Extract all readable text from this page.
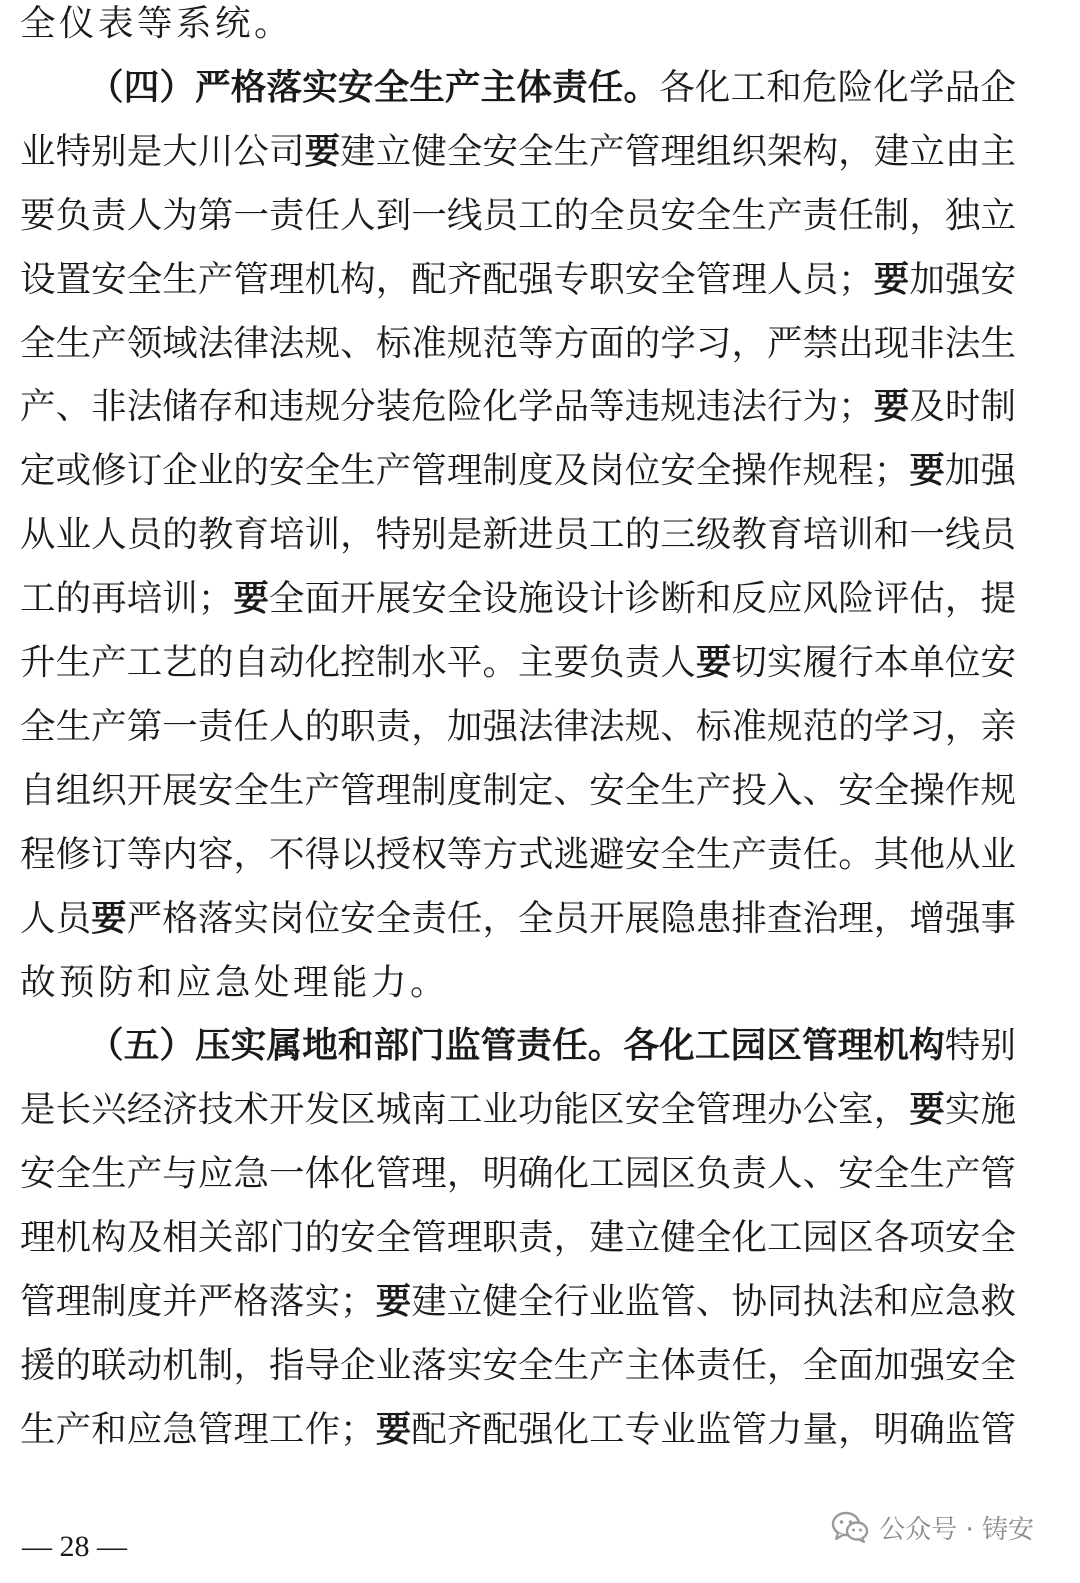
全仪表等系统。
（四）严格落实安全生产主体责任。各化工和危险化学品企
业特别是大川公司要建立健全安全生产管理组织架构，建立由主
要负责人为第一责任人到一线员工的全员安全生产责任制，独立
设置安全生产管理机构，配齐配强专职安全管理人员；要加强安
全生产领域法律法规、标准规范等方面的学习，严禁出现非法生
产、非法储存和违规分装危险化学品等违规违法行为；要及时制
定或修订企业的安全生产管理制度及岗位安全操作规程；要加强
从业人员的教育培训，特别是新进员工的三级教育培训和一线员
工的再培训；要全面开展安全设施设计诊断和反应风险评估，提
升生产工艺的自动化控制水平。主要负责人要切实履行本单位安
全生产第一责任人的职责，加强法律法规、标准规范的学习，亲
自组织开展安全生产管理制度制定、安全生产投入、安全操作规
程修订等内容，不得以授权等方式逃避安全生产责任。其他从业
人员要严格落实岗位安全责任，全员开展隐患排查治理，增强事
故预防和应急处理能力。
（五）压实属地和部门监管责任。各化工园区管理机构特别
是长兴经济技术开发区城南工业功能区安全管理办公室，要实施
安全生产与应急一体化管理，明确化工园区负责人、安全生产管
理机构及相关部门的安全管理职责，建立健全化工园区各项安全
管理制度并严格落实；要建立健全行业监管、协同执法和应急救
援的联动机制，指导企业落实安全生产主体责任，全面加强安全
生产和应急管理工作；要配齐配强化工专业监管力量，明确监管
— 28 —
公众号 · 铸安
